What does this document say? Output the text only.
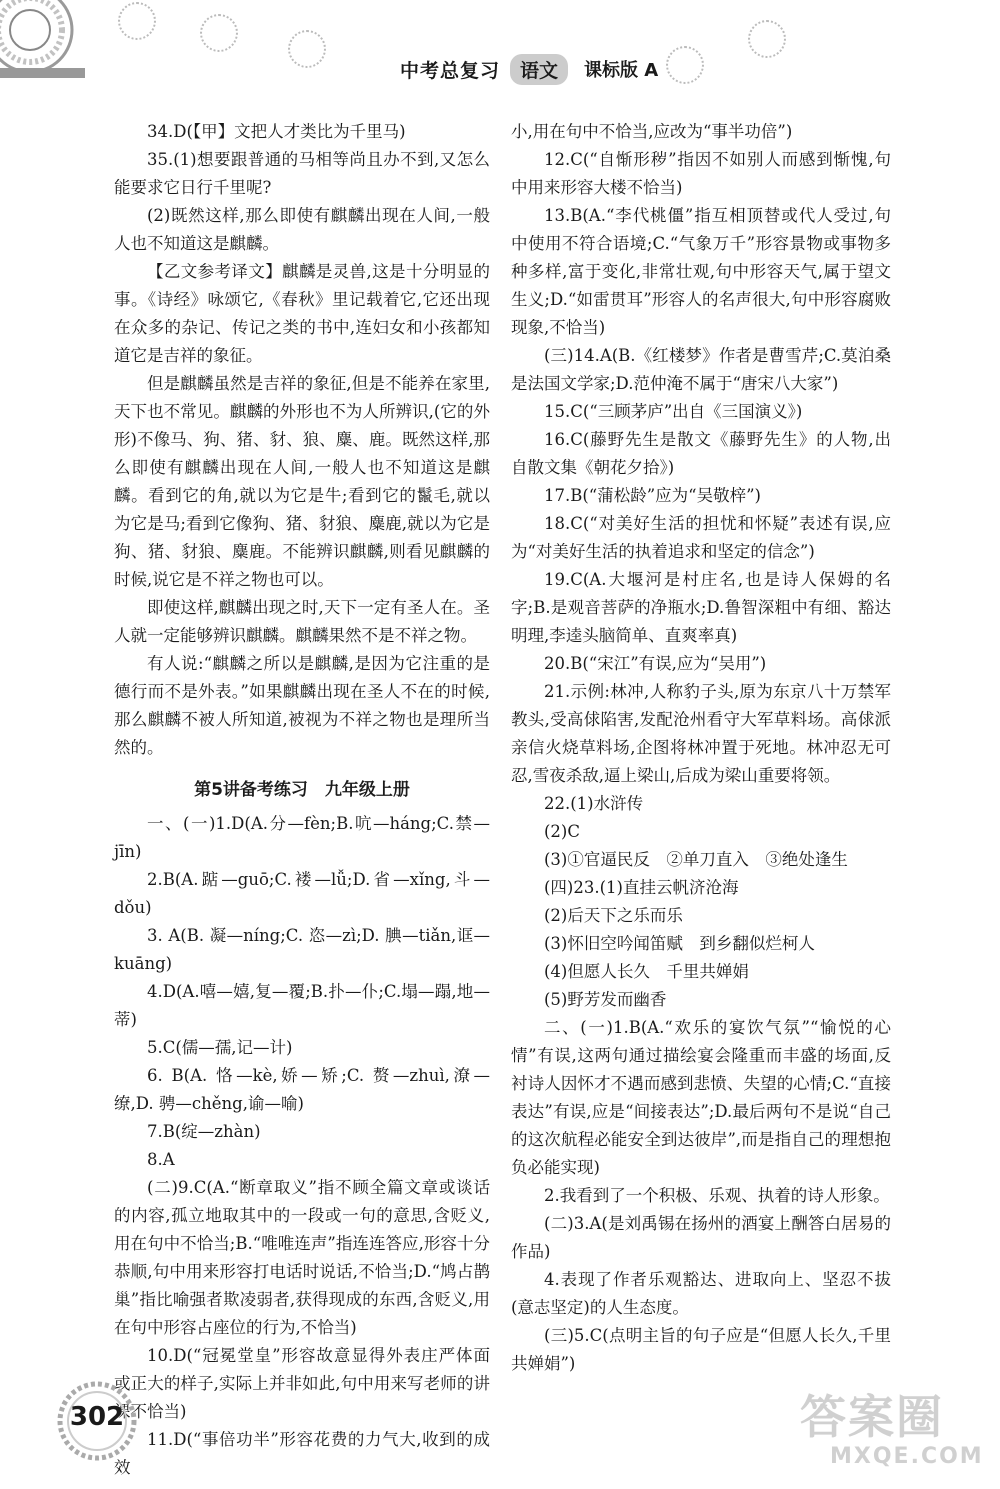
中考总复习	语文	课标版 A

34.D(【甲】文把人才类比为千里马)

35.(1)想要跟普通的马相等尚且办不到,又怎么能要求它日行千里呢?

(2)既然这样,那么即使有麒麟出现在人间,一般人也不知道这是麒麟。

【乙文参考译文】麒麟是灵兽,这是十分明显的事。《诗经》咏颂它,《春秋》里记载着它,它还出现在众多的杂记、传记之类的书中,连妇女和小孩都知道它是吉祥的象征。

但是麒麟虽然是吉祥的象征,但是不能养在家里,天下也不常见。麒麟的外形也不为人所辨识,(它的外形)不像马、狗、猪、豺、狼、麋、鹿。既然这样,那么即使有麒麟出现在人间,一般人也不知道这是麒麟。看到它的角,就以为它是牛;看到它的鬣毛,就以为它是马;看到它像狗、猪、豺狼、麋鹿,就以为它是狗、猪、豺狼、麋鹿。不能辨识麒麟,则看见麒麟的时候,说它是不祥之物也可以。

即使这样,麒麟出现之时,天下一定有圣人在。圣人就一定能够辨识麒麟。麒麟果然不是不祥之物。

有人说:“麒麟之所以是麒麟,是因为它注重的是德行而不是外表。”如果麒麟出现在圣人不在的时候,那么麒麟不被人所知道,被视为不祥之物也是理所当然的。

第5讲备考练习　九年级上册

一、(一)1.D(A.分—fèn;B.吭—háng;C.禁—jīn)

2.B(A.踮—guō;C.褛—lǚ;D.省—xǐng,斗—dǒu)

3. A(B. 凝—níng;C. 恣—zì;D. 腆—tiǎn,诓—kuāng)

4.D(A.嘻—嬉,复—覆;B.扑—仆;C.塌—蹋,地—蒂)

5.C(儒—孺,记—计)

6. B(A. 恪—kè,娇—矫;C. 赘—zhuì,潦—缭,D. 骋—chěng,谕—喻)

7.B(绽—zhàn)

8.A

(二)9.C(A.“断章取义”指不顾全篇文章或谈话的内容,孤立地取其中的一段或一句的意思,含贬义,用在句中不恰当;B.“唯唯连声”指连连答应,形容十分恭顺,句中用来形容打电话时说话,不恰当;D.“鸠占鹊巢”指比喻强者欺凌弱者,获得现成的东西,含贬义,用在句中形容占座位的行为,不恰当)

10.D(“冠冕堂皇”形容故意显得外表庄严体面或正大的样子,实际上并非如此,句中用来写老师的讲课不恰当)

11.D(“事倍功半”形容花费的力气大,收到的成效

小,用在句中不恰当,应改为“事半功倍”)

12.C(“自惭形秽”指因不如别人而感到惭愧,句中用来形容大楼不恰当)

13.B(A.“李代桃僵”指互相顶替或代人受过,句中使用不符合语境;C.“气象万千”形容景物或事物多种多样,富于变化,非常壮观,句中形容天气,属于望文生义;D.“如雷贯耳”形容人的名声很大,句中形容腐败现象,不恰当)

(三)14.A(B.《红楼梦》作者是曹雪芹;C.莫泊桑是法国文学家;D.范仲淹不属于“唐宋八大家”)

15.C(“三顾茅庐”出自《三国演义》)

16.C(藤野先生是散文《藤野先生》的人物,出自散文集《朝花夕拾》)

17.B(“蒲松龄”应为“吴敬梓”)

18.C(“对美好生活的担忧和怀疑”表述有误,应为“对美好生活的执着追求和坚定的信念”)

19.C(A.大堰河是村庄名,也是诗人保姆的名字;B.是观音菩萨的净瓶水;D.鲁智深粗中有细、豁达明理,李逵头脑简单、直爽率真)

20.B(“宋江”有误,应为“吴用”)

21.示例:林冲,人称豹子头,原为东京八十万禁军教头,受高俅陷害,发配沧州看守大军草料场。高俅派亲信火烧草料场,企图将林冲置于死地。林冲忍无可忍,雪夜杀敌,逼上梁山,后成为梁山重要将领。

22.(1)水浒传

(2)C

(3)①官逼民反　②单刀直入　③绝处逢生

(四)23.(1)直挂云帆济沧海

(2)后天下之乐而乐

(3)怀旧空吟闻笛赋　到乡翻似烂柯人

(4)但愿人长久　千里共婵娟

(5)野芳发而幽香

二、(一)1.B(A.“欢乐的宴饮气氛”“愉悦的心情”有误,这两句通过描绘宴会隆重而丰盛的场面,反衬诗人因怀才不遇而感到悲愤、失望的心情;C.“直接表达”有误,应是“间接表达”;D.最后两句不是说“自己的这次航程必能安全到达彼岸”,而是指自己的理想抱负必能实现)

2.我看到了一个积极、乐观、执着的诗人形象。

(二)3.A(是刘禹锡在扬州的酒宴上酬答白居易的作品)

4.表现了作者乐观豁达、进取向上、坚忍不拔(意志坚定)的人生态度。

(三)5.C(点明主旨的句子应是“但愿人长久,千里共婵娟”)

302	答案圈
MXQE.COM
